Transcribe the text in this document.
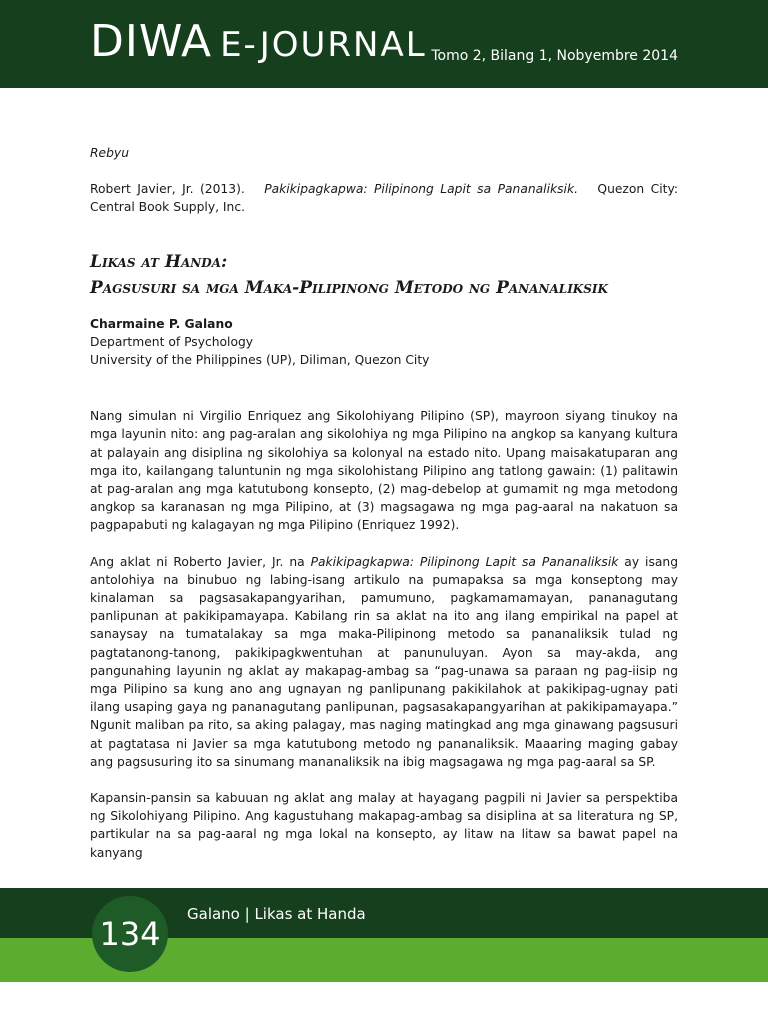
DIWA E-JOURNAL Tomo 2, Bilang 1, Nobyembre 2014
Rebyu
Robert Javier, Jr. (2013). Pakikipagkapwa: Pilipinong Lapit sa Pananaliksik. Quezon City: Central Book Supply, Inc.
Likas at Handa:
Pagsusuri sa mga Maka-Pilipinong Metodo ng Pananaliksik
Charmaine P. Galano
Department of Psychology
University of the Philippines (UP), Diliman, Quezon City

Nang simulan ni Virgilio Enriquez ang Sikolohiyang Pilipino (SP), mayroon siyang tinukoy na mga layunin nito: ang pag-aralan ang sikolohiya ng mga Pilipino na angkop sa kanyang kultura at palayain ang disiplina ng sikolohiya sa kolonyal na estado nito. Upang maisakatuparan ang mga ito, kailangang taluntunin ng mga sikolohistang Pilipino ang tatlong gawain: (1) palitawin at pag-aralan ang mga katutubong konsepto, (2) mag-debelop at gumamit ng mga metodong angkop sa karanasan ng mga Pilipino, at (3) magsagawa ng mga pag-aaral na nakatuon sa pagpapabuti ng kalagayan ng mga Pilipino (Enriquez 1992).

Ang aklat ni Roberto Javier, Jr. na Pakikipagkapwa: Pilipinong Lapit sa Pananaliksik ay isang antolohiya na binubuo ng labing-isang artikulo na pumapaksa sa mga konseptong may kinalaman sa pagsasakapangyarihan, pamumuno, pagkamamamayan, pananagutang panlipunan at pakikipamayapa. Kabilang rin sa aklat na ito ang ilang empirikal na papel at sanaysay na tumatalakay sa mga maka-Pilipinong metodo sa pananaliksik tulad ng pagtatanong-tanong, pakikipagkwentuhan at panunuluyan. Ayon sa may-akda, ang pangunahing layunin ng aklat ay makapag-ambag sa “pag-unawa sa paraan ng pag-iisip ng mga Pilipino sa kung ano ang ugnayan ng panlipunang pakikilahok at pakikipag-ugnay pati ilang usaping gaya ng pananagutang panlipunan, pagsasakapangyarihan at pakikipamayapa.” Ngunit maliban pa rito, sa aking palagay, mas naging matingkad ang mga ginawang pagsusuri at pagtatasa ni Javier sa mga katutubong metodo ng pananaliksik. Maaaring maging gabay ang pagsusuring ito sa sinumang mananaliksik na ibig magsagawa ng mga pag-aaral sa SP.

Kapansin-pansin sa kabuuan ng aklat ang malay at hayagang pagpili ni Javier sa perspektiba ng Sikolohiyang Pilipino. Ang kagustuhang makapag-ambag sa disiplina at sa literatura ng SP, partikular na sa pag-aaral ng mga lokal na konsepto, ay litaw na litaw sa bawat papel na kanyang

134
Galano | Likas at Handa
